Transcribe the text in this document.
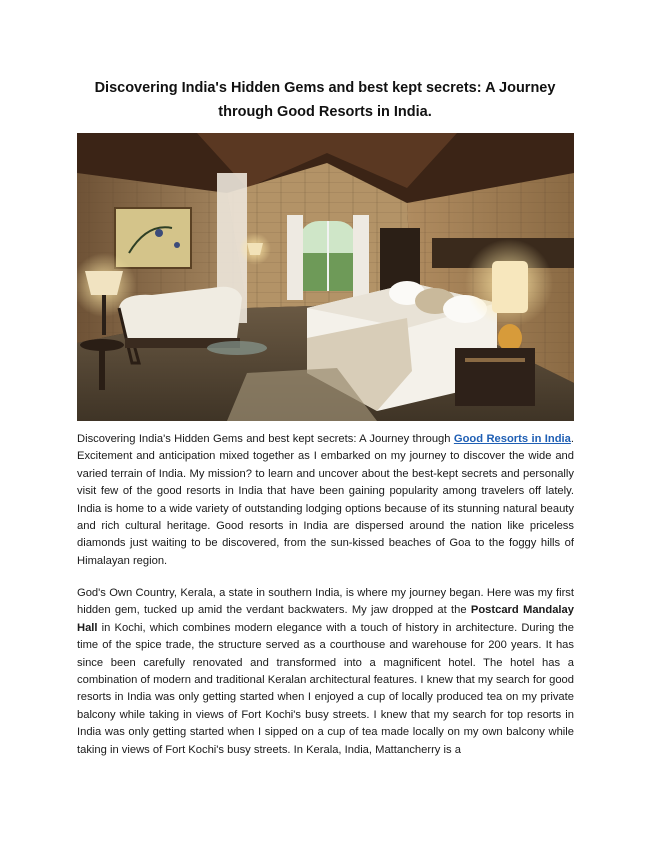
Discovering India's Hidden Gems and best kept secrets: A Journey through Good Resorts in India.
Discovering India's Hidden Gems and best kept secrets: A Journey through Good Resorts in India. Excitement and anticipation mixed together as I embarked on my journey to discover the wide and varied terrain of India. My mission? to learn and uncover about the best-kept secrets and personally visit few of the good resorts in India that have been gaining popularity among travelers off lately. India is home to a wide variety of outstanding lodging options because of its stunning natural beauty and rich cultural heritage. Good resorts in India are dispersed around the nation like priceless diamonds just waiting to be discovered, from the sun-kissed beaches of Goa to the foggy hills of Himalayan region.
God's Own Country, Kerala, a state in southern India, is where my journey began. Here was my first hidden gem, tucked up amid the verdant backwaters. My jaw dropped at the Postcard Mandalay Hall in Kochi, which combines modern elegance with a touch of history in architecture. During the time of the spice trade, the structure served as a courthouse and warehouse for 200 years. It has since been carefully renovated and transformed into a magnificent hotel. The hotel has a combination of modern and traditional Keralan architectural features. I knew that my search for good resorts in India was only getting started when I enjoyed a cup of locally produced tea on my private balcony while taking in views of Fort Kochi's busy streets. I knew that my search for top resorts in India was only getting started when I sipped on a cup of tea made locally on my own balcony while taking in views of Fort Kochi's busy streets. In Kerala, India, Mattancherry is a
